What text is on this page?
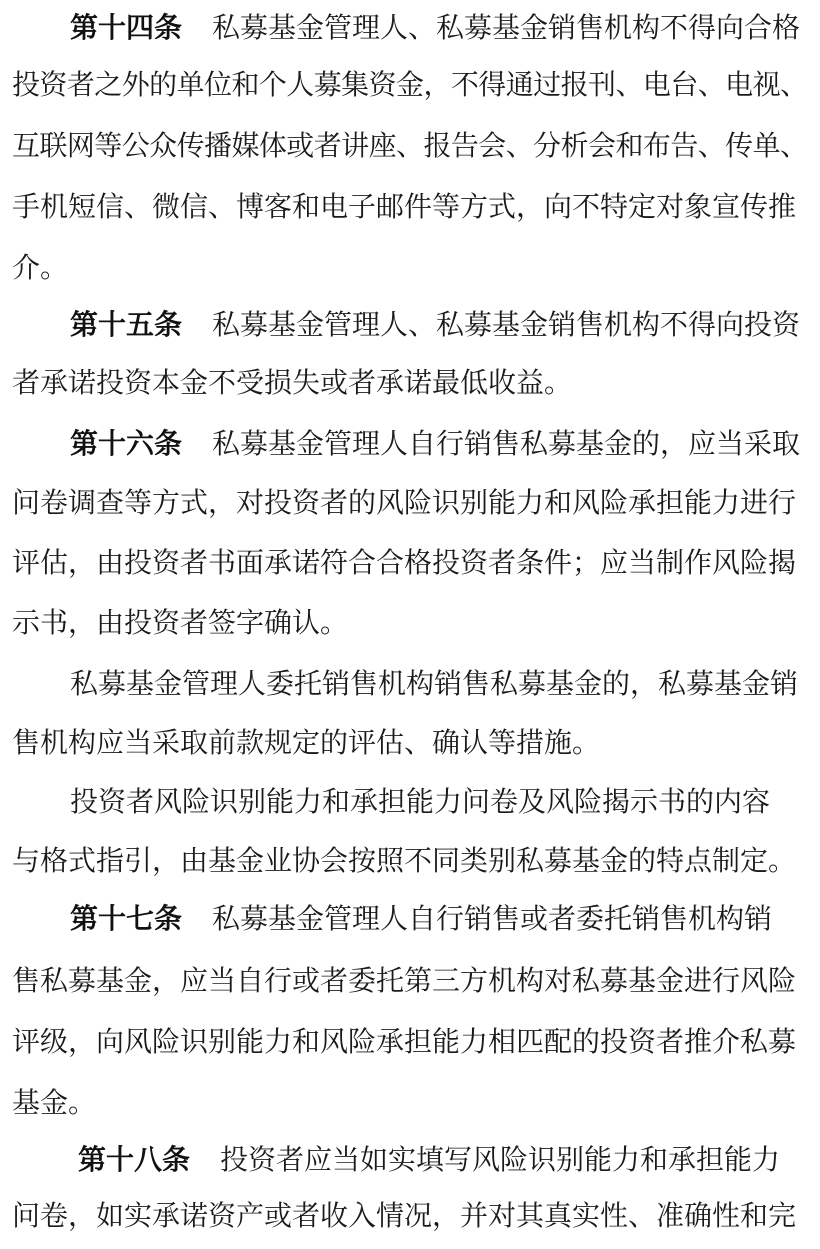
第十四条 私募基金管理人、私募基金销售机构不得向合格
投资者之外的单位和个人募集资金，不得通过报刊、电台、电视、
互联网等公众传播媒体或者讲座、报告会、分析会和布告、传单、
手机短信、微信、博客和电子邮件等方式，向不特定对象宣传推
介。
第十五条 私募基金管理人、私募基金销售机构不得向投资
者承诺投资本金不受损失或者承诺最低收益。
第十六条 私募基金管理人自行销售私募基金的，应当采取
问卷调查等方式，对投资者的风险识别能力和风险承担能力进行
评估，由投资者书面承诺符合合格投资者条件；应当制作风险揭
示书，由投资者签字确认。
私募基金管理人委托销售机构销售私募基金的，私募基金销
售机构应当采取前款规定的评估、确认等措施。
投资者风险识别能力和承担能力问卷及风险揭示书的内容
与格式指引，由基金业协会按照不同类别私募基金的特点制定。
第十七条 私募基金管理人自行销售或者委托销售机构销
售私募基金，应当自行或者委托第三方机构对私募基金进行风险
评级，向风险识别能力和风险承担能力相匹配的投资者推介私募
基金。
第十八条 投资者应当如实填写风险识别能力和承担能力
问卷，如实承诺资产或者收入情况，并对其真实性、准确性和完
